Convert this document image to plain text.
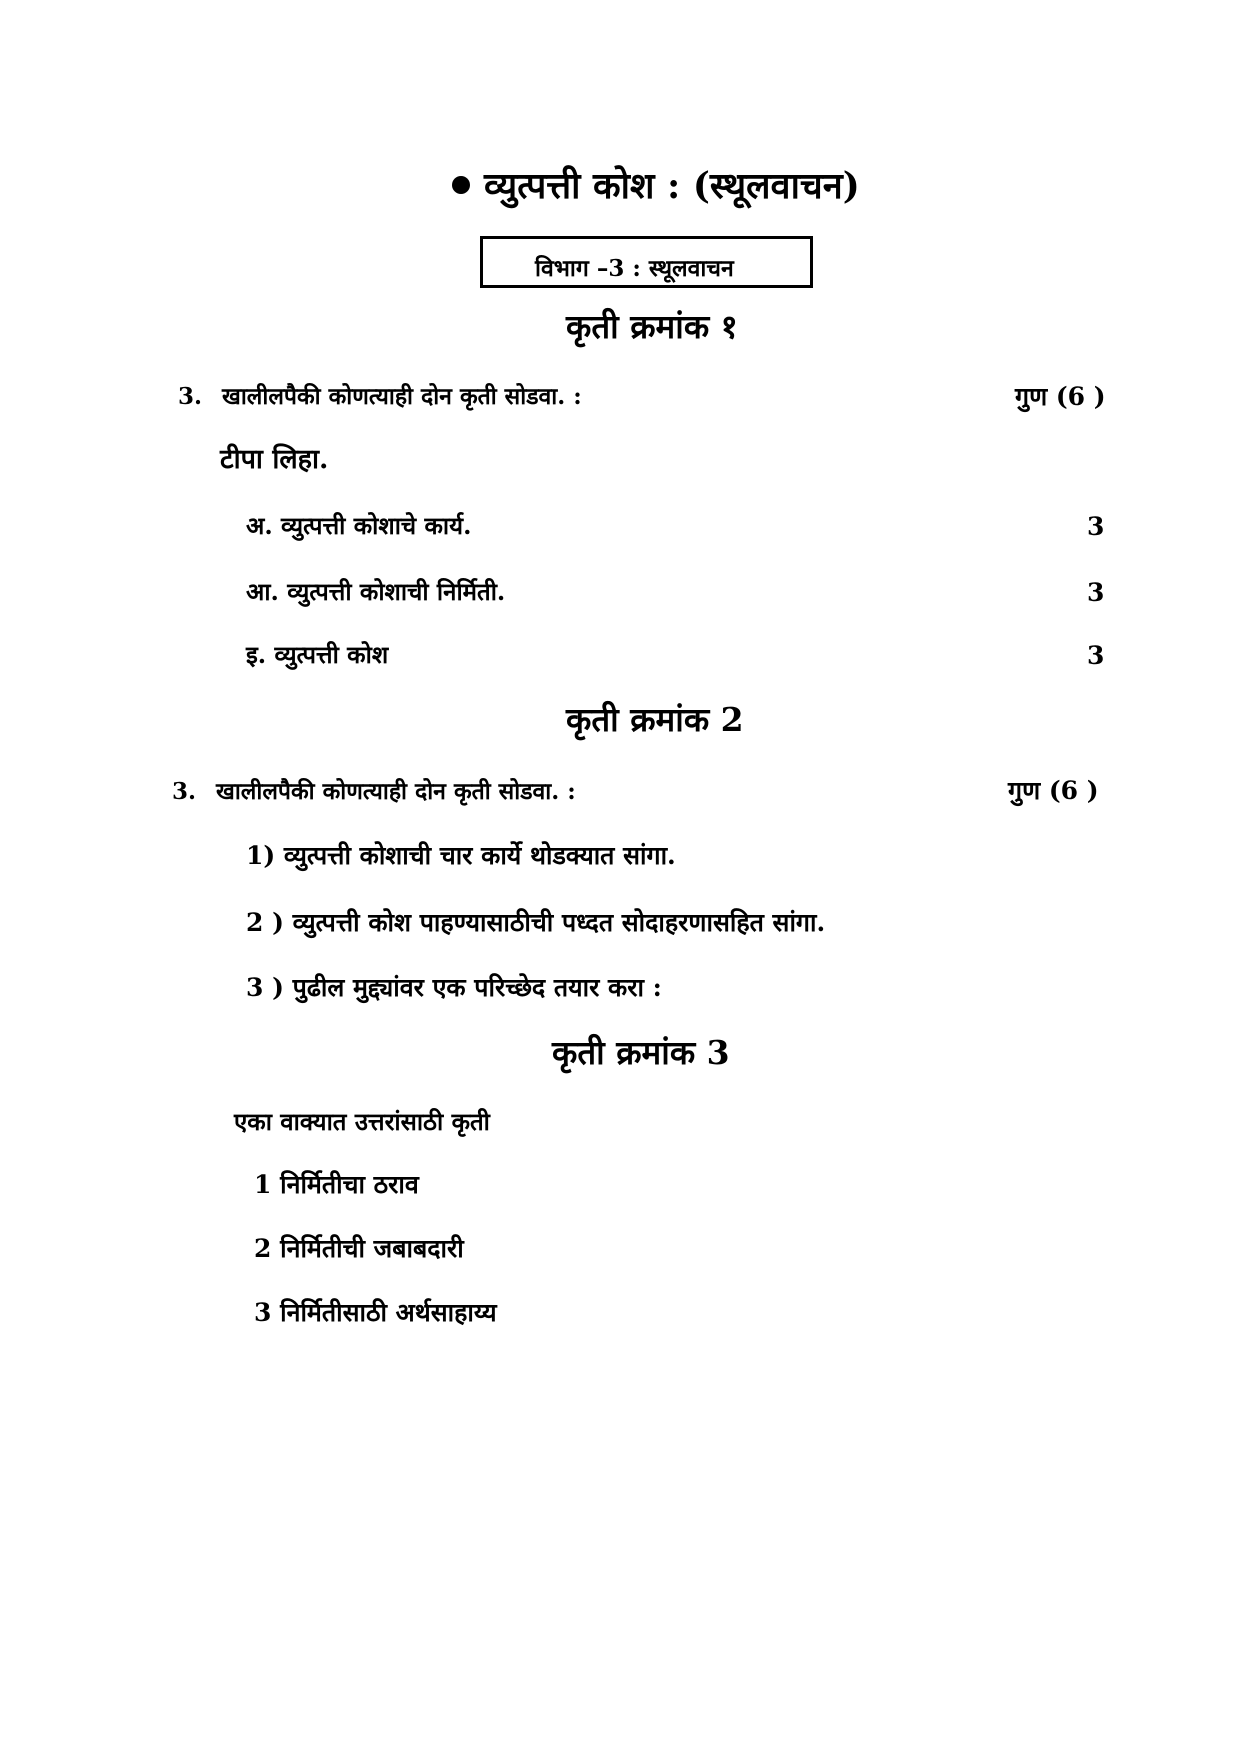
व्युत्पत्ती कोश : (स्थूलवाचन)
विभाग –3 : स्थूलवाचन
कृती क्रमांक १
3. खालीलपैकी कोणत्याही दोन कृती सोडवा. :	गुण (6 )
टीपा लिहा.
अ. व्युत्पत्ती कोशाचे कार्य.	3
आ. व्युत्पत्ती कोशाची निर्मिती.	3
इ. व्युत्पत्ती कोश	3
कृती क्रमांक 2
3. खालीलपैकी कोणत्याही दोन कृती सोडवा. :	गुण (6 )
1) व्युत्पत्ती कोशाची चार कार्ये थोडक्यात सांगा.
2 ) व्युत्पत्ती कोश पाहण्यासाठीची पध्दत सोदाहरणासहित सांगा.
3 ) पुढील मुद्द्यांवर एक परिच्छेद तयार करा :
कृती क्रमांक 3
एका वाक्यात उत्तरांसाठी कृती
1 निर्मितीचा ठराव
2 निर्मितीची जबाबदारी
3 निर्मितीसाठी अर्थसाहाय्य
